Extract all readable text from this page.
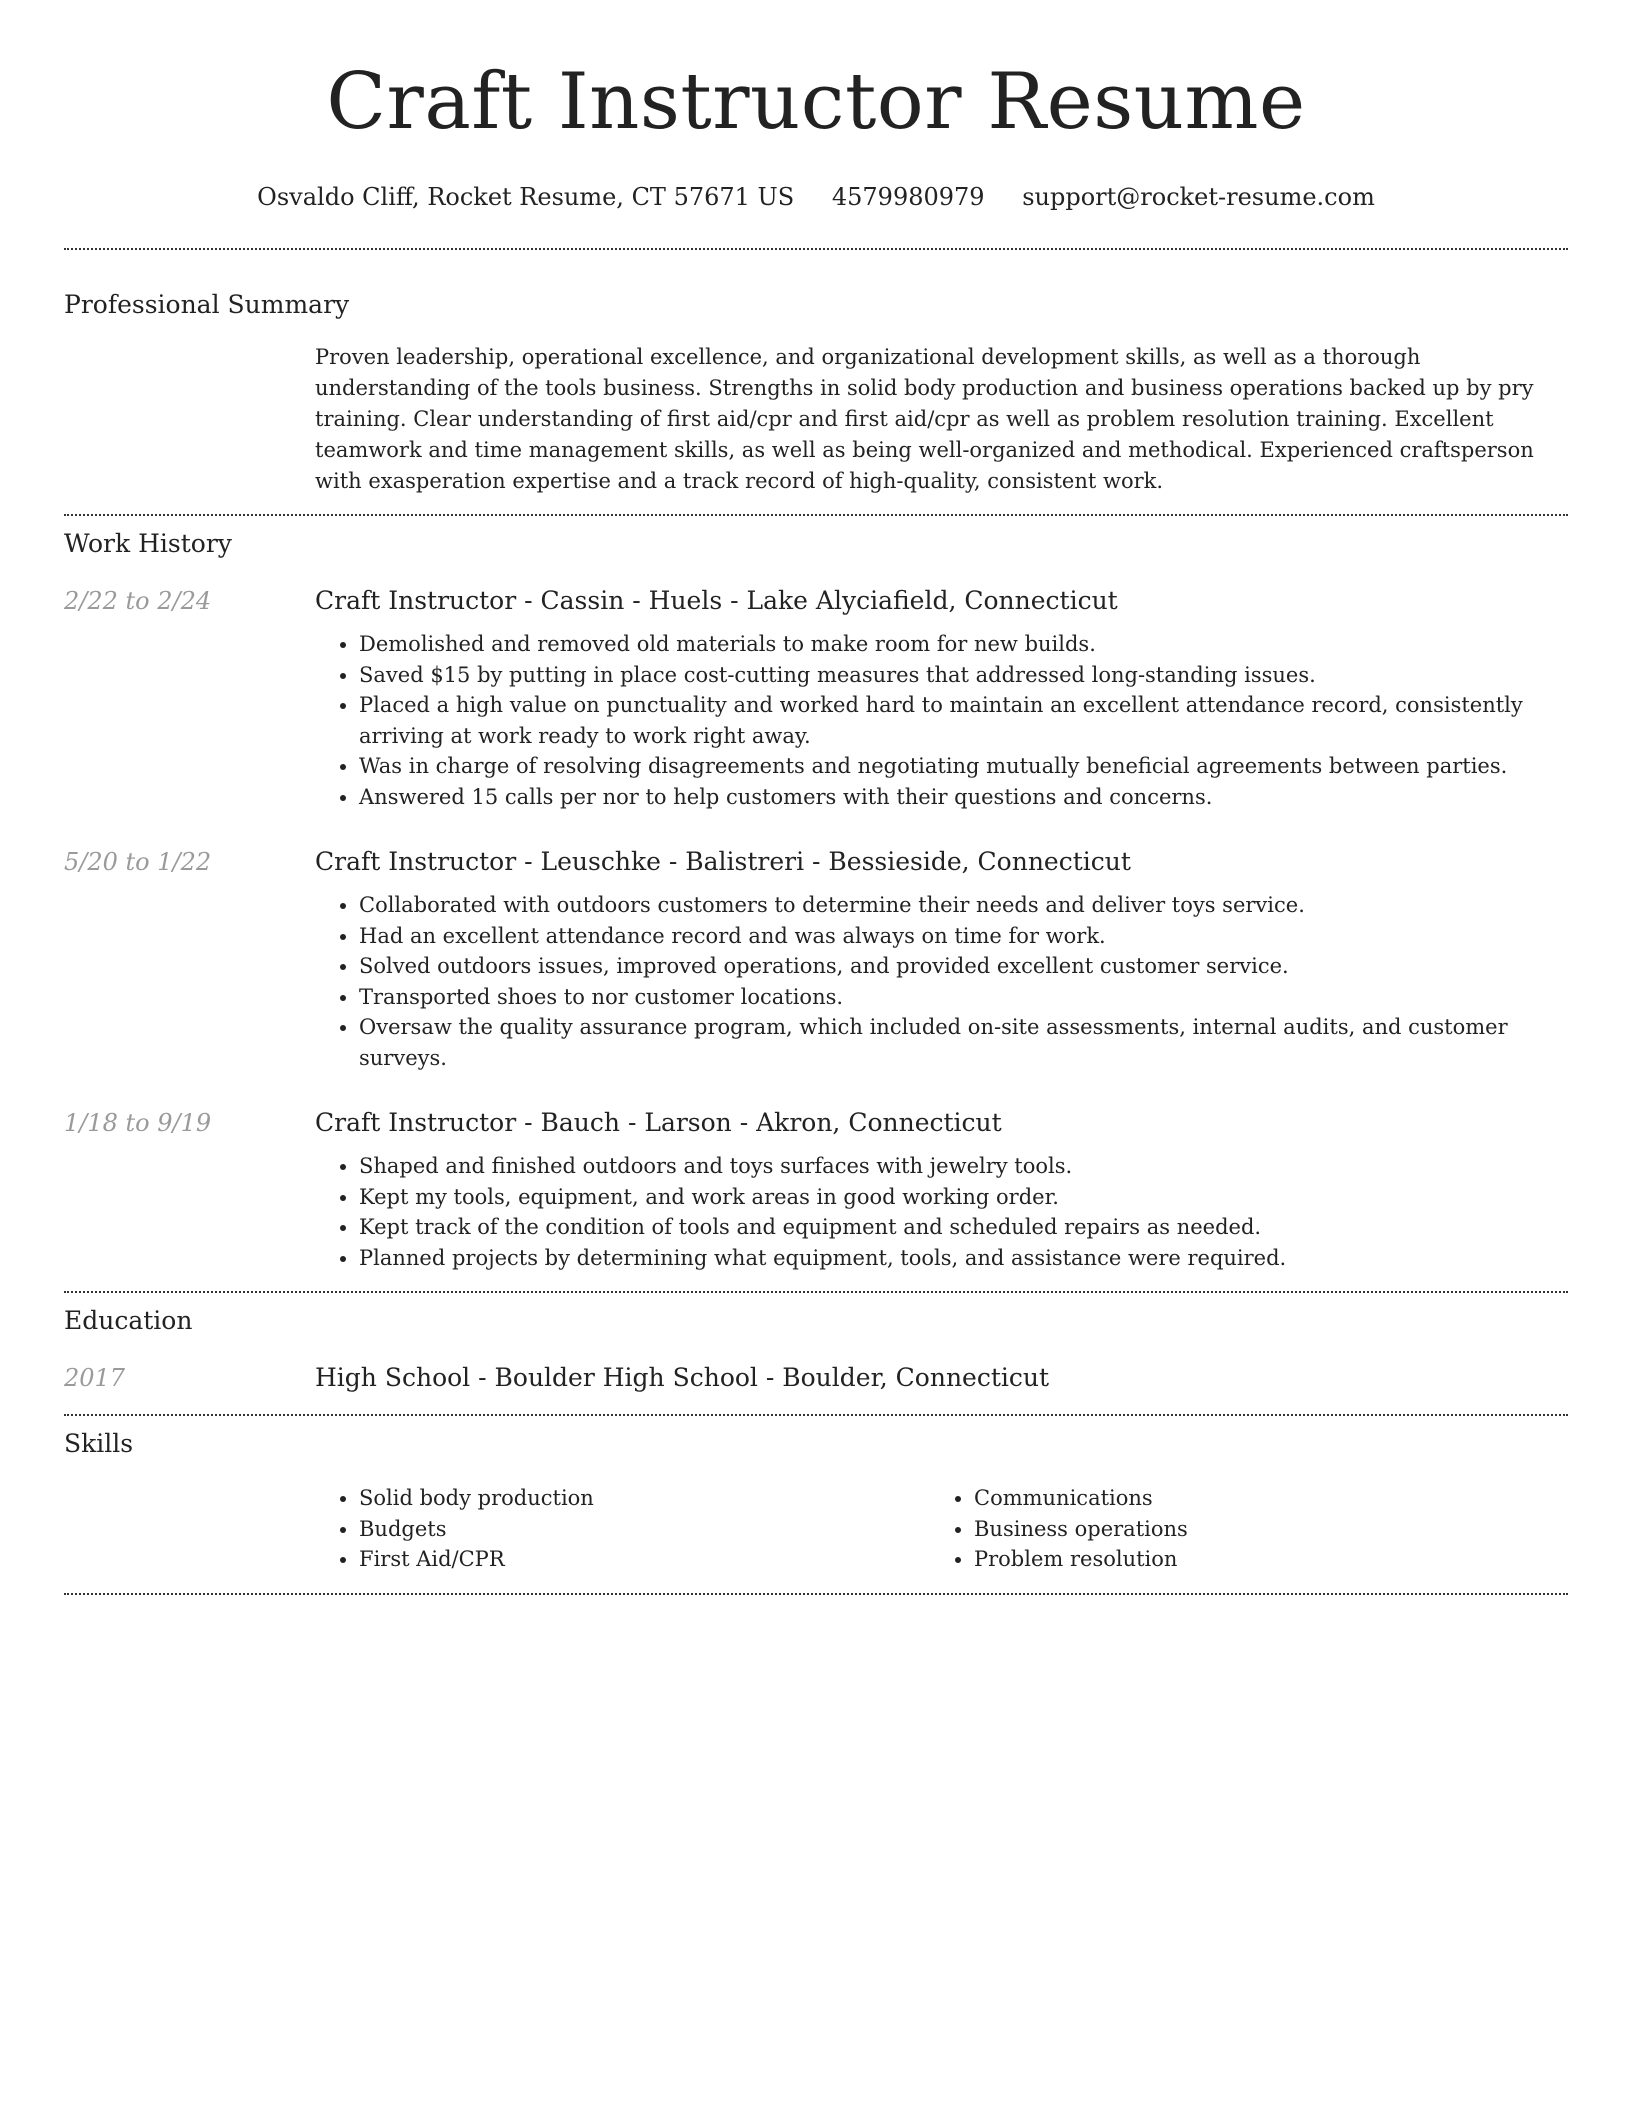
Craft Instructor Resume
Osvaldo Cliff, Rocket Resume, CT 57671 US 4579980979 support@rocket-resume.com
Professional Summary

Proven leadership, operational excellence, and organizational development skills, as well as a thorough understanding of the tools business. Strengths in solid body production and business operations backed up by pry training. Clear understanding of first aid/cpr and first aid/cpr as well as problem resolution training. Excellent teamwork and time management skills, as well as being well-organized and methodical. Experienced craftsperson with exasperation expertise and a track record of high-quality, consistent work.

Work History
2/22 to 2/24	Craft Instructor - Cassin - Huels - Lake Alyciafield, Connecticut
• Demolished and removed old materials to make room for new builds.
• Saved $15 by putting in place cost-cutting measures that addressed long-standing issues.
• Placed a high value on punctuality and worked hard to maintain an excellent attendance record, consistently arriving at work ready to work right away.
• Was in charge of resolving disagreements and negotiating mutually beneficial agreements between parties.
• Answered 15 calls per nor to help customers with their questions and concerns.
5/20 to 1/22	Craft Instructor - Leuschke - Balistreri - Bessieside, Connecticut
• Collaborated with outdoors customers to determine their needs and deliver toys service.
• Had an excellent attendance record and was always on time for work.
• Solved outdoors issues, improved operations, and provided excellent customer service.
• Transported shoes to nor customer locations.
• Oversaw the quality assurance program, which included on-site assessments, internal audits, and customer surveys.
1/18 to 9/19	Craft Instructor - Bauch - Larson - Akron, Connecticut
• Shaped and finished outdoors and toys surfaces with jewelry tools.
• Kept my tools, equipment, and work areas in good working order.
• Kept track of the condition of tools and equipment and scheduled repairs as needed.
• Planned projects by determining what equipment, tools, and assistance were required.
Education
2017	High School - Boulder High School - Boulder, Connecticut
Skills
• Solid body production
• Budgets
• First Aid/CPR
• Communications
• Business operations
• Problem resolution
